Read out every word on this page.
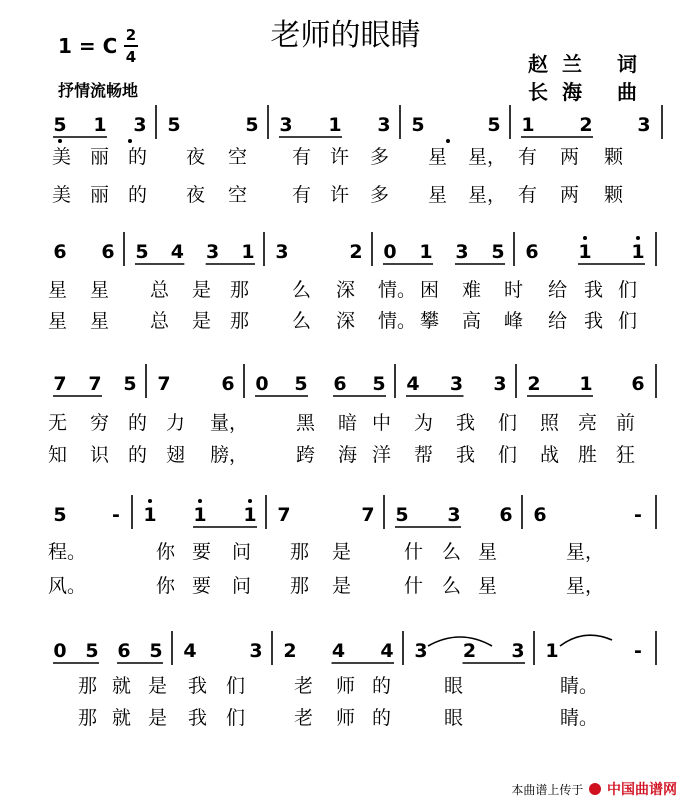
老师的眼睛
1 = C 2
4
抒情流畅地
赵兰 词
长海 曲
5 1 3 5	5 3 1 3 5	5 1 2 3
美 丽 的 夜 空 有 许 多 星 星， 有 两 颗
美 丽 的 夜 空 有 许 多 星 星， 有 两 颗
6 6 5 4 3 1 3	2 0 1 3 5 6 1 1
星 星 总 是 那 么 深 情。 困 难 时 给 我 们
星 星 总 是 那 么 深 情。 攀 高 峰 给 我 们
7 7 5 7	6 0 5 6 5 4 3 3 2 1 6
无 穷 的 力 量，	黑 暗 中 为 我 们 照 亮 前
知 识 的 翅 膀，	跨 海 洋 帮 我 们 战 胜 狂
5 - 1 1 1 7	7 5 3 6 6	-
程。	你 要 问 那 是	什 么 星	星，
风。	你 要 问 那 是	什 么 星	星，
0 5 6 5 4	3 2 4 4 3 2 3 1	-
那 就 是 我 们	老 师 的	眼	睛。
那 就 是 我 们	老 师 的	眼	睛。
本曲谱上传于 中国曲谱网
